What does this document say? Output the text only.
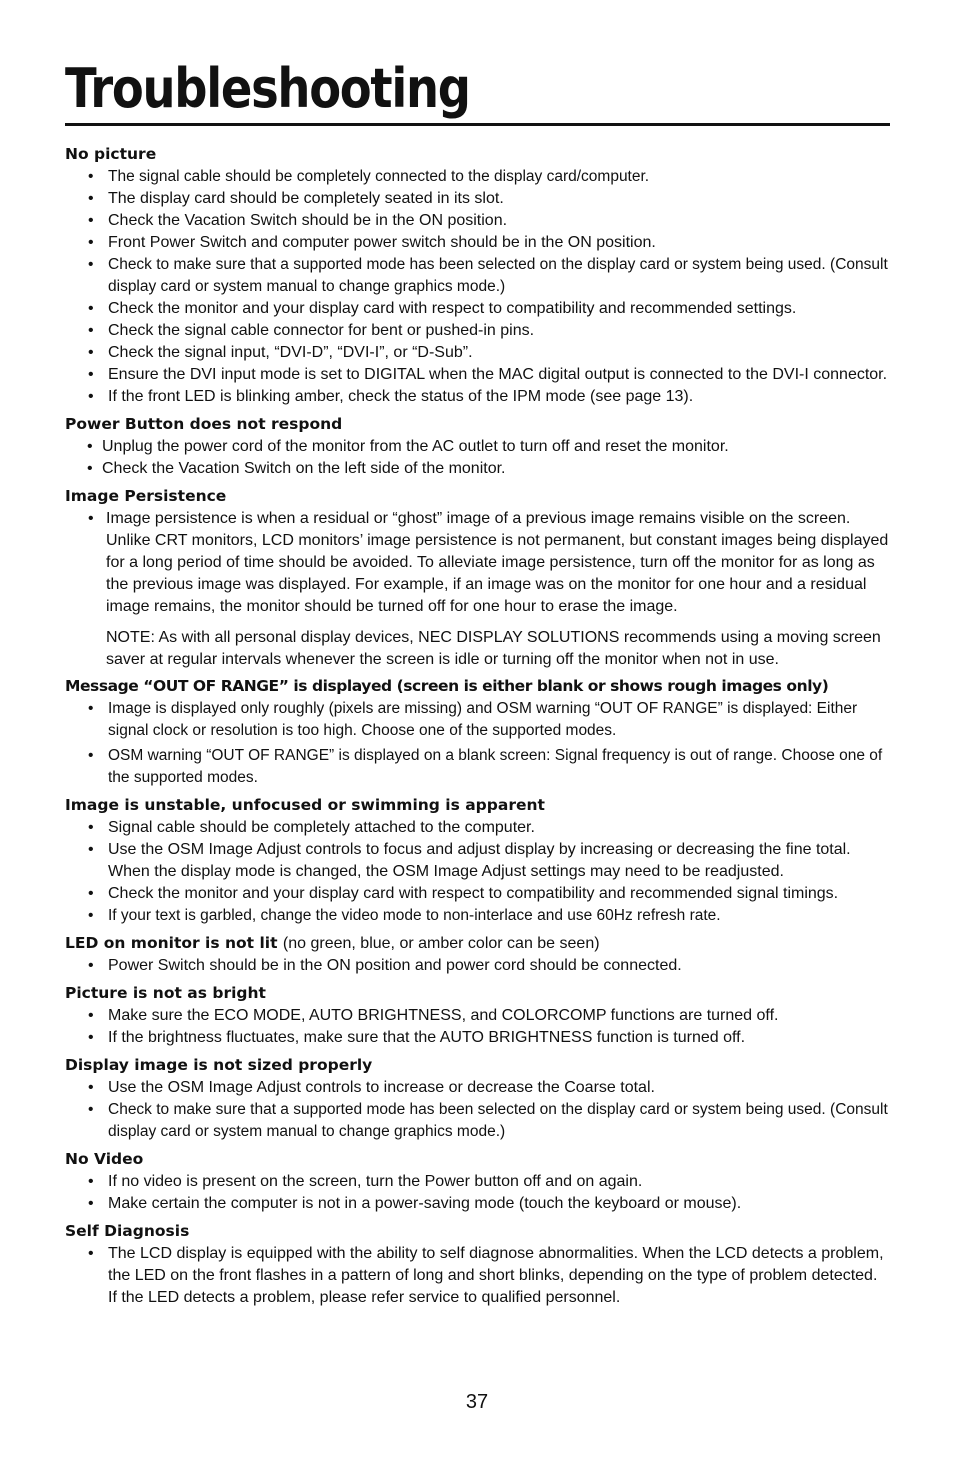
Troubleshooting
No picture
• The signal cable should be completely connected to the display card/computer.
• The display card should be completely seated in its slot.
• Check the Vacation Switch should be in the ON position.
• Front Power Switch and computer power switch should be in the ON position.
• Check to make sure that a supported mode has been selected on the display card or system being used. (Consult display card or system manual to change graphics mode.)
• Check the monitor and your display card with respect to compatibility and recommended settings.
• Check the signal cable connector for bent or pushed-in pins.
• Check the signal input, “DVI-D”, “DVI-I”, or “D-Sub”.
• Ensure the DVI input mode is set to DIGITAL when the MAC digital output is connected to the DVI-I connector.
• If the front LED is blinking amber, check the status of the IPM mode (see page 13).
Power Button does not respond
• Unplug the power cord of the monitor from the AC outlet to turn off and reset the monitor.
• Check the Vacation Switch on the left side of the monitor.
Image Persistence
• Image persistence is when a residual or “ghost” image of a previous image remains visible on the screen. Unlike CRT monitors, LCD monitors’ image persistence is not permanent, but constant images being displayed for a long period of time should be avoided. To alleviate image persistence, turn off the monitor for as long as the previous image was displayed. For example, if an image was on the monitor for one hour and a residual image remains, the monitor should be turned off for one hour to erase the image.

NOTE: As with all personal display devices, NEC DISPLAY SOLUTIONS recommends using a moving screen saver at regular intervals whenever the screen is idle or turning off the monitor when not in use.

Message “OUT OF RANGE” is displayed (screen is either blank or shows rough images only)
• Image is displayed only roughly (pixels are missing) and OSM warning “OUT OF RANGE” is displayed: Either signal clock or resolution is too high. Choose one of the supported modes.
• OSM warning “OUT OF RANGE” is displayed on a blank screen: Signal frequency is out of range. Choose one of the supported modes.
Image is unstable, unfocused or swimming is apparent
• Signal cable should be completely attached to the computer.
• Use the OSM Image Adjust controls to focus and adjust display by increasing or decreasing the fine total. When the display mode is changed, the OSM Image Adjust settings may need to be readjusted.
• Check the monitor and your display card with respect to compatibility and recommended signal timings.
• If your text is garbled, change the video mode to non-interlace and use 60Hz refresh rate.
LED on monitor is not lit (no green, blue, or amber color can be seen)
• Power Switch should be in the ON position and power cord should be connected.
Picture is not as bright
• Make sure the ECO MODE, AUTO BRIGHTNESS, and COLORCOMP functions are turned off.
• If the brightness fluctuates, make sure that the AUTO BRIGHTNESS function is turned off.
Display image is not sized properly
• Use the OSM Image Adjust controls to increase or decrease the Coarse total.
• Check to make sure that a supported mode has been selected on the display card or system being used. (Consult display card or system manual to change graphics mode.)
No Video
• If no video is present on the screen, turn the Power button off and on again.
• Make certain the computer is not in a power-saving mode (touch the keyboard or mouse).
Self Diagnosis
• The LCD display is equipped with the ability to self diagnose abnormalities. When the LCD detects a problem, the LED on the front flashes in a pattern of long and short blinks, depending on the type of problem detected.
If the LED detects a problem, please refer service to qualified personnel.
37
